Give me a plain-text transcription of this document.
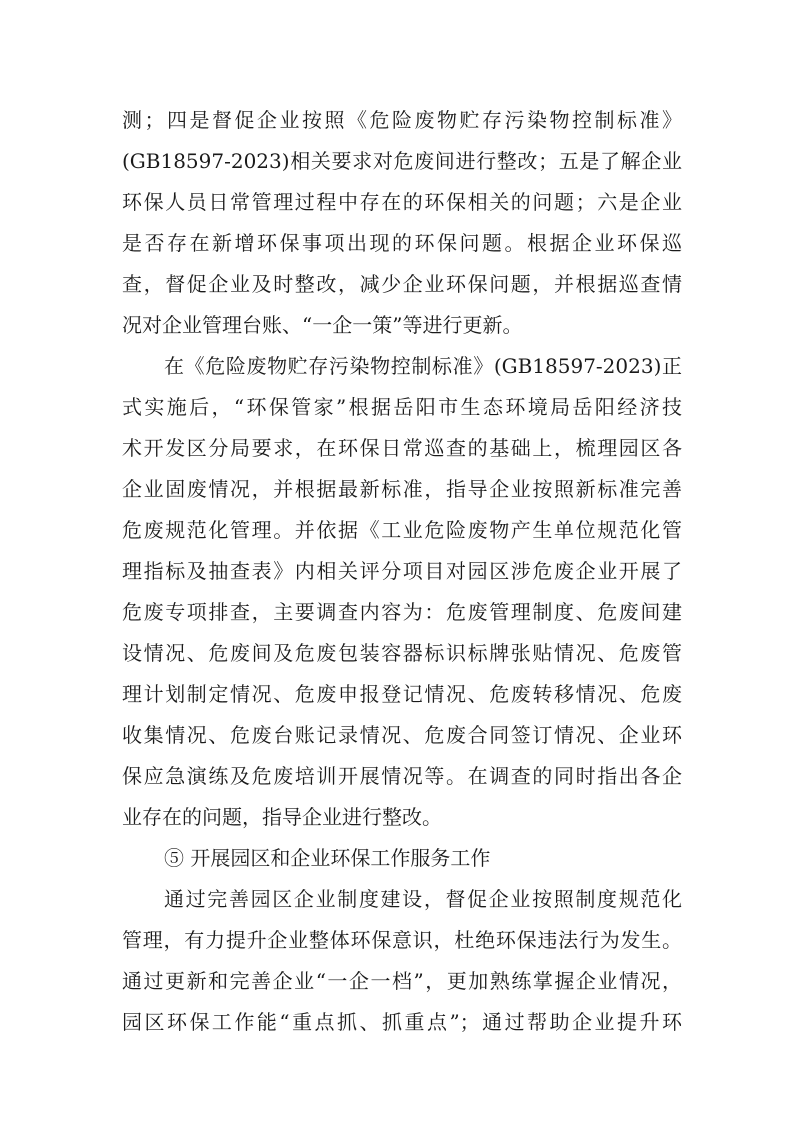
测；四是督促企业按照《危险废物贮存污染物控制标准》
(GB18597-2023)相关要求对危废间进行整改；五是了解企业
环保人员日常管理过程中存在的环保相关的问题；六是企业
是否存在新增环保事项出现的环保问题。根据企业环保巡
查，督促企业及时整改，减少企业环保问题，并根据巡查情
况对企业管理台账、“一企一策”等进行更新。
在《危险废物贮存污染物控制标准》(GB18597-2023)正
式实施后，“环保管家”根据岳阳市生态环境局岳阳经济技
术开发区分局要求，在环保日常巡查的基础上，梳理园区各
企业固废情况，并根据最新标准，指导企业按照新标准完善
危废规范化管理。并依据《工业危险废物产生单位规范化管
理指标及抽查表》内相关评分项目对园区涉危废企业开展了
危废专项排查，主要调查内容为：危废管理制度、危废间建
设情况、危废间及危废包装容器标识标牌张贴情况、危废管
理计划制定情况、危废申报登记情况、危废转移情况、危废
收集情况、危废台账记录情况、危废合同签订情况、企业环
保应急演练及危废培训开展情况等。在调查的同时指出各企
业存在的问题，指导企业进行整改。
⑤ 开展园区和企业环保工作服务工作
通过完善园区企业制度建设，督促企业按照制度规范化
管理，有力提升企业整体环保意识，杜绝环保违法行为发生。
通过更新和完善企业“一企一档”，更加熟练掌握企业情况，
园区环保工作能“重点抓、抓重点”；通过帮助企业提升环
